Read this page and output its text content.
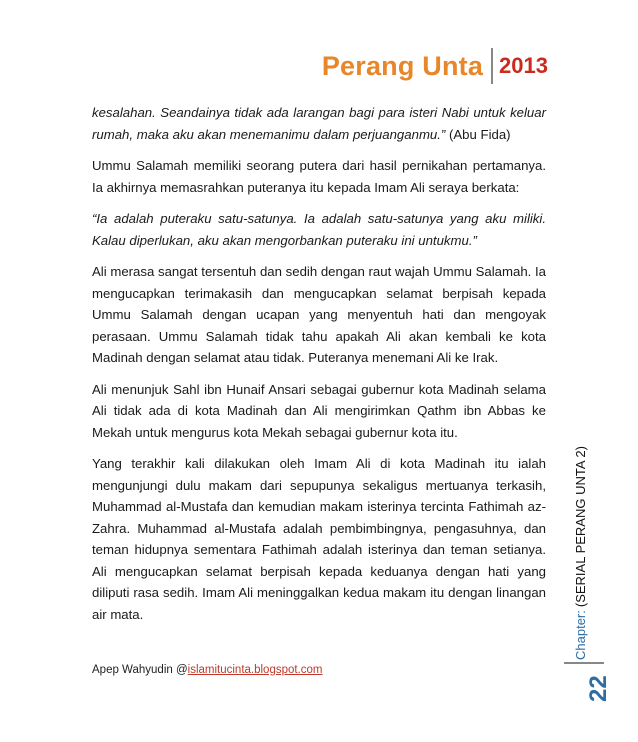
Perang Unta 2013

kesalahan. Seandainya tidak ada larangan bagi para isteri Nabi untuk keluar rumah, maka aku akan menemanimu dalam perjuanganmu.” (Abu Fida)

Ummu Salamah memiliki seorang putera dari hasil pernikahan pertamanya. Ia akhirnya memasrahkan puteranya itu kepada Imam Ali seraya berkata:

“Ia adalah puteraku satu-satunya. Ia adalah satu-satunya yang aku miliki. Kalau diperlukan, aku akan mengorbankan puteraku ini untukmu.”

Ali merasa sangat tersentuh dan sedih dengan raut wajah Ummu Salamah. Ia mengucapkan terimakasih dan mengucapkan selamat berpisah kepada Ummu Salamah dengan ucapan yang menyentuh hati dan mengoyak perasaan. Ummu Salamah tidak tahu apakah Ali akan kembali ke kota Madinah dengan selamat atau tidak. Puteranya menemani Ali ke Irak.

Ali menunjuk Sahl ibn Hunaif Ansari sebagai gubernur kota Madinah selama Ali tidak ada di kota Madinah dan Ali mengirimkan Qathm ibn Abbas ke Mekah untuk mengurus kota Mekah sebagai gubernur kota itu.

Yang terakhir kali dilakukan oleh Imam Ali di kota Madinah itu ialah mengunjungi dulu makam dari sepupunya sekaligus mertuanya terkasih, Muhammad al-Mustafa dan kemudian makam isterinya tercinta Fathimah az-Zahra. Muhammad al-Mustafa adalah pembimbingnya, pengasuhnya, dan teman hidupnya sementara Fathimah adalah isterinya dan teman setianya. Ali mengucapkan selamat berpisah kepada keduanya dengan hati yang diliputi rasa sedih. Imam Ali meninggalkan kedua makam itu dengan linangan air mata.

Apep Wahyudin @islamitucinta.blogspot.com
Chapter:
(SERIAL PERANG UNTA 2)
22
